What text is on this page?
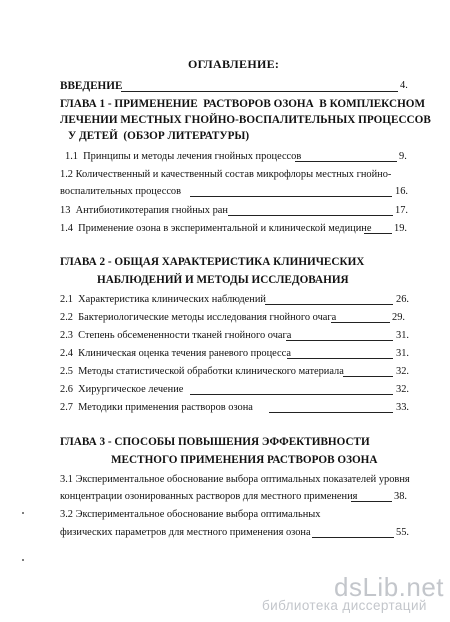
ОГЛАВЛЕНИЕ:
ВВЕДЕНИЕ	4.
ГЛАВА 1 - ПРИМЕНЕНИЕ  РАСТВОРОВ ОЗОНА  В КОМПЛЕКСНОМ
ЛЕЧЕНИИ МЕСТНЫХ ГНОЙНО-ВОСПАЛИТЕЛЬНЫХ ПРОЦЕССОВ
У ДЕТЕЙ  (ОБЗОР ЛИТЕРАТУРЫ)
1.1  Принципы и методы лечения гнойных процессов	9.
1.2 Количественный и качественный состав микрофлоры местных гнойно-
воспалительных процессов	16.
13  Антибиотикотерапия гнойных ран	17.
1.4  Применение озона в экспериментальной и клинической медицине 19.
ГЛАВА 2 - ОБЩАЯ ХАРАКТЕРИСТИКА КЛИНИЧЕСКИХ
НАБЛЮДЕНИЙ И МЕТОДЫ ИССЛЕДОВАНИЯ
2.1  Характеристика клинических наблюдений	26.
2.2  Бактериологические методы исследования гнойного очага	29.
2.3  Степень обсемененности тканей гнойного очага	31.
2.4  Клиническая оценка течения раневого процесса	31.
2.5  Методы статистической обработки клинического материала	32.
2.6  Хирургическое лечение	32.
2.7  Методики применения растворов озона	33.
ГЛАВА 3 - СПОСОБЫ ПОВЫШЕНИЯ ЭФФЕКТИВНОСТИ
МЕСТНОГО ПРИМЕНЕНИЯ РАСТВОРОВ ОЗОНА
3.1 Экспериментальное обоснование выбора оптимальных показателей уровня
концентрации озонированных растворов для местного применения	38.
3.2 Экспериментальное обоснование выбора оптимальных
физических параметров для местного применения озона	55.
dsLib.net
библиотека диссертаций
